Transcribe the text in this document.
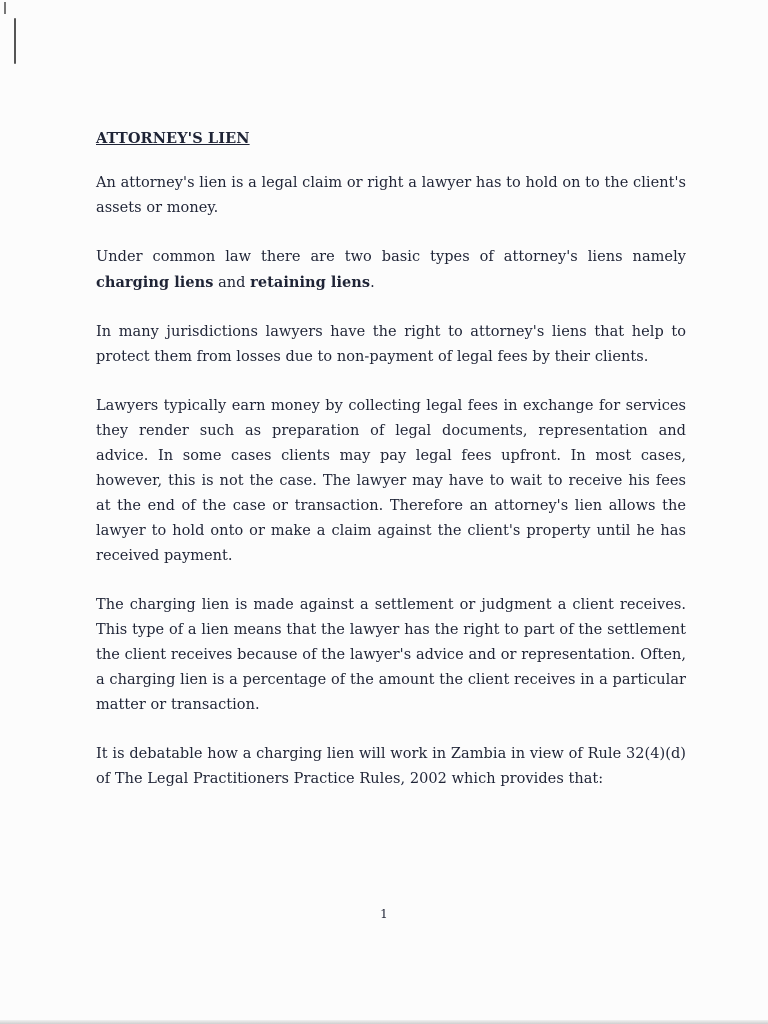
ATTORNEY'S LIEN

An attorney's lien is a legal claim or right a lawyer has to hold on to the client's assets or money.

Under common law there are two basic types of attorney's liens namely charging liens and retaining liens.

In many jurisdictions lawyers have the right to attorney's liens that help to protect them from losses due to non-payment of legal fees by their clients.

Lawyers typically earn money by collecting legal fees in exchange for services they render such as preparation of legal documents, representation and advice. In some cases clients may pay legal fees upfront. In most cases, however, this is not the case. The lawyer may have to wait to receive his fees at the end of the case or transaction. Therefore an attorney's lien allows the lawyer to hold onto or make a claim against the client's property until he has received payment.

The charging lien is made against a settlement or judgment a client receives. This type of a lien means that the lawyer has the right to part of the settlement the client receives because of the lawyer's advice and or representation. Often, a charging lien is a percentage of the amount the client receives in a particular matter or transaction.

It is debatable how a charging lien will work in Zambia in view of Rule 32(4)(d) of The Legal Practitioners Practice Rules, 2002 which provides that:

1
